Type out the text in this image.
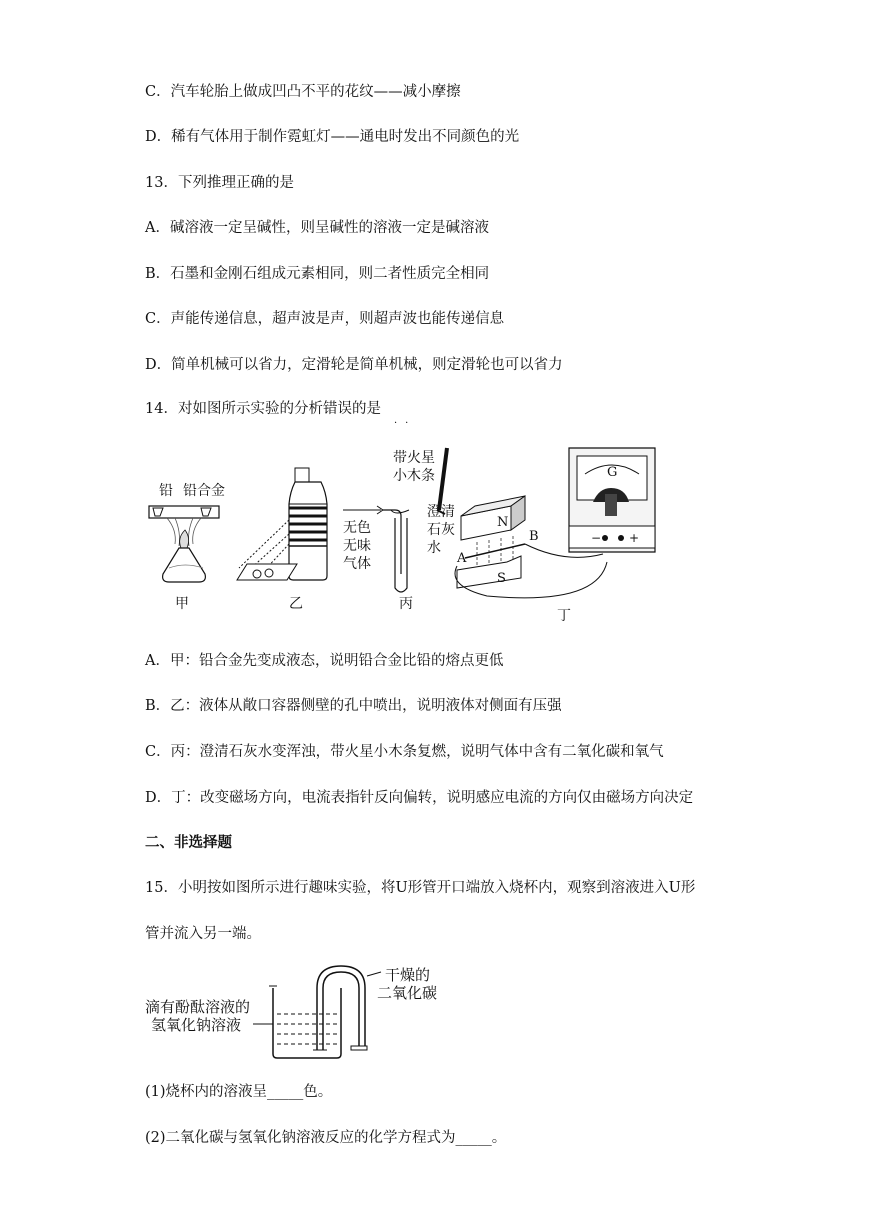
C．汽车轮胎上做成凹凸不平的花纹——减小摩擦
D．稀有气体用于制作霓虹灯——通电时发出不同颜色的光
13．下列推理正确的是
A．碱溶液一定呈碱性，则呈碱性的溶液一定是碱溶液
B．石墨和金刚石组成元素相同，则二者性质完全相同
C．声能传递信息，超声波是声，则超声波也能传递信息
D．简单机械可以省力，定滑轮是简单机械，则定滑轮也可以省力
14．对如图所示实验的分析错误的是
··
铅 铅合金
甲	乙
带火星
小木条
无色
无味
气体
丙
澄清
石灰
水
N
S
A
B
G
− +
丁
A．甲：铅合金先变成液态，说明铅合金比铅的熔点更低
B．乙：液体从敞口容器侧壁的孔中喷出，说明液体对侧面有压强
C．丙：澄清石灰水变浑浊，带火星小木条复燃，说明气体中含有二氧化碳和氧气
D．丁：改变磁场方向，电流表指针反向偏转，说明感应电流的方向仅由磁场方向决定
二、非选择题
15．小明按如图所示进行趣味实验，将U形管开口端放入烧杯内，观察到溶液进入U形
管并流入另一端。
干燥的
二氧化碳
滴有酚酞溶液的
氢氧化钠溶液
(1)烧杯内的溶液呈_____色。
(2)二氧化碳与氢氧化钠溶液反应的化学方程式为_____。
